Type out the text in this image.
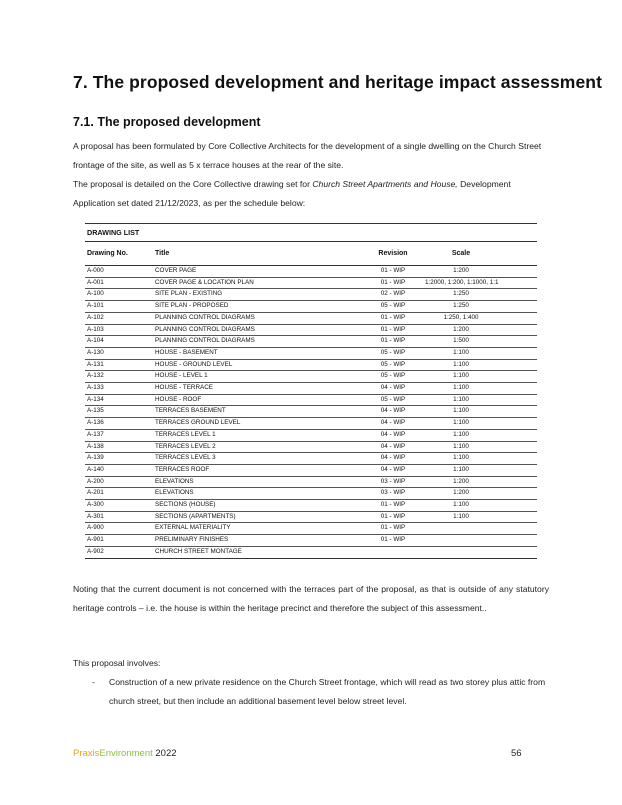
7. The proposed development and heritage impact assessment
7.1. The proposed development

A proposal has been formulated by Core Collective Architects for the development of a single dwelling on the Church Street frontage of the site, as well as 5 x terrace houses at the rear of the site.

The proposal is detailed on the Core Collective drawing set for Church Street Apartments and House, Development Application set dated 21/12/2023, as per the schedule below:

DRAWING LIST
Drawing No.	Title	Revision	Scale
A-000	COVER PAGE	01 - WIP	1:200
A-001	COVER PAGE & LOCATION PLAN	01 - WIP	1:2000, 1:200, 1:1000, 1:1
A-100	SITE PLAN - EXISTING	02 - WIP	1:250
A-101	SITE PLAN - PROPOSED	05 - WIP	1:250
A-102	PLANNING CONTROL DIAGRAMS	01 - WIP	1:250, 1:400
A-103	PLANNING CONTROL DIAGRAMS	01 - WIP	1:200
A-104	PLANNING CONTROL DIAGRAMS	01 - WIP	1:500
A-130	HOUSE - BASEMENT	05 - WIP	1:100
A-131	HOUSE - GROUND LEVEL	05 - WIP	1:100
A-132	HOUSE - LEVEL 1	05 - WIP	1:100
A-133	HOUSE - TERRACE	04 - WIP	1:100
A-134	HOUSE - ROOF	05 - WIP	1:100
A-135	TERRACES BASEMENT	04 - WIP	1:100
A-136	TERRACES GROUND LEVEL	04 - WIP	1:100
A-137	TERRACES LEVEL 1	04 - WIP	1:100
A-138	TERRACES LEVEL 2	04 - WIP	1:100
A-139	TERRACES LEVEL 3	04 - WIP	1:100
A-140	TERRACES ROOF	04 - WIP	1:100
A-200	ELEVATIONS	03 - WIP	1:200
A-201	ELEVATIONS	03 - WIP	1:200
A-300	SECTIONS (HOUSE)	01 - WIP	1:100
A-301	SECTIONS (APARTMENTS)	01 - WIP	1:100
A-900	EXTERNAL MATERIALITY	01 - WIP	
A-901	PRELIMINARY FINISHES	01 - WIP	
A-902	CHURCH STREET MONTAGE		

Noting that the current document is not concerned with the terraces part of the proposal, as that is outside of any statutory heritage controls – i.e. the house is within the heritage precinct and therefore the subject of this assessment..

This proposal involves:

- Construction of a new private residence on the Church Street frontage, which will read as two storey plus attic from church street, but then include an additional basement level below street level.
PraxisEnvironment 2022	56
